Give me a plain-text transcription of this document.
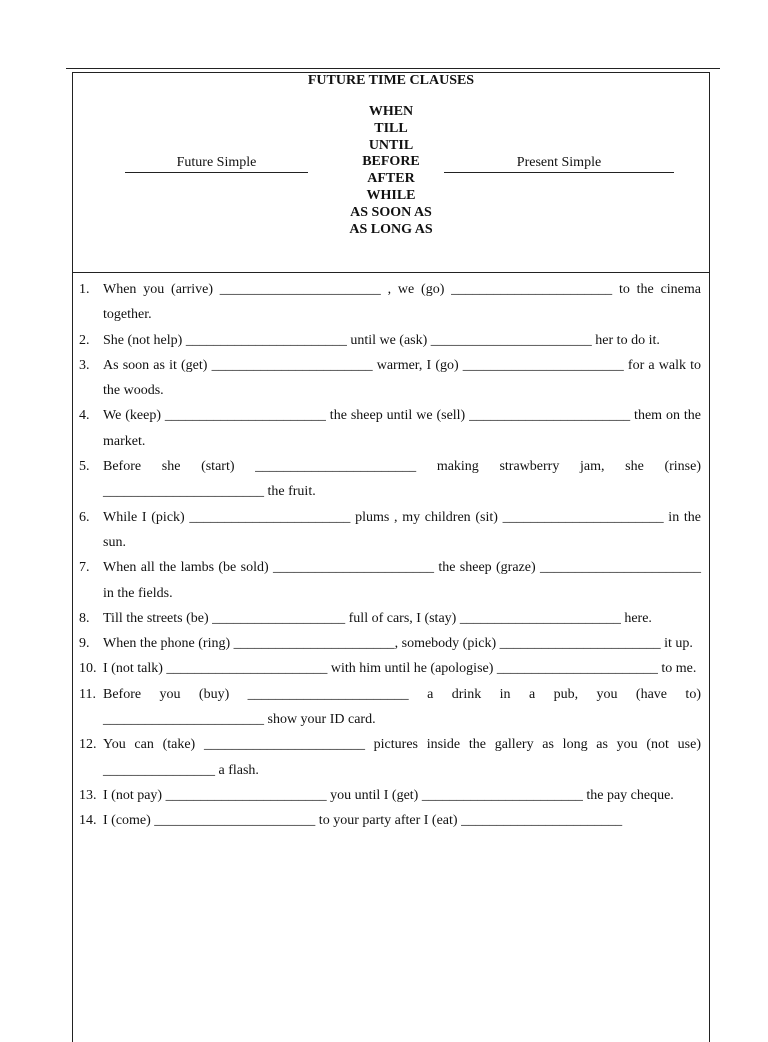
FUTURE TIME CLAUSES
Future Simple
WHEN
TILL
UNTIL
BEFORE
AFTER
WHILE
AS SOON AS
AS LONG AS
Present Simple
1. When you (arrive) _______________________ , we (go) _______________________ to the cinema together.
2. She (not help) _______________________ until we (ask) _______________________ her to do it.
3. As soon as it (get) _______________________ warmer, I (go) _______________________ for a walk to the woods.
4. We (keep) _______________________ the sheep until we (sell) _______________________ them on the market.
5. Before she (start) _______________________ making strawberry jam, she (rinse) _______________________ the fruit.
6. While I (pick) _______________________ plums , my children (sit) _______________________ in the sun.
7. When all the lambs (be sold) _______________________ the sheep (graze) _______________________ in the fields.
8. Till the streets (be) ___________________ full of cars, I (stay) _______________________ here.
9. When the phone (ring) _______________________, somebody (pick) _______________________ it up.
10. I (not talk) _______________________ with him until he (apologise) _______________________ to me.
11. Before you (buy) _______________________ a drink in a pub, you (have to) _______________________ show your ID card.
12. You can (take) _______________________ pictures inside the gallery as long as you (not use) ________________ a flash.
13. I (not pay) _______________________ you until I (get) _______________________ the pay cheque.
14. I (come) _______________________ to your party after I (eat) _______________________
